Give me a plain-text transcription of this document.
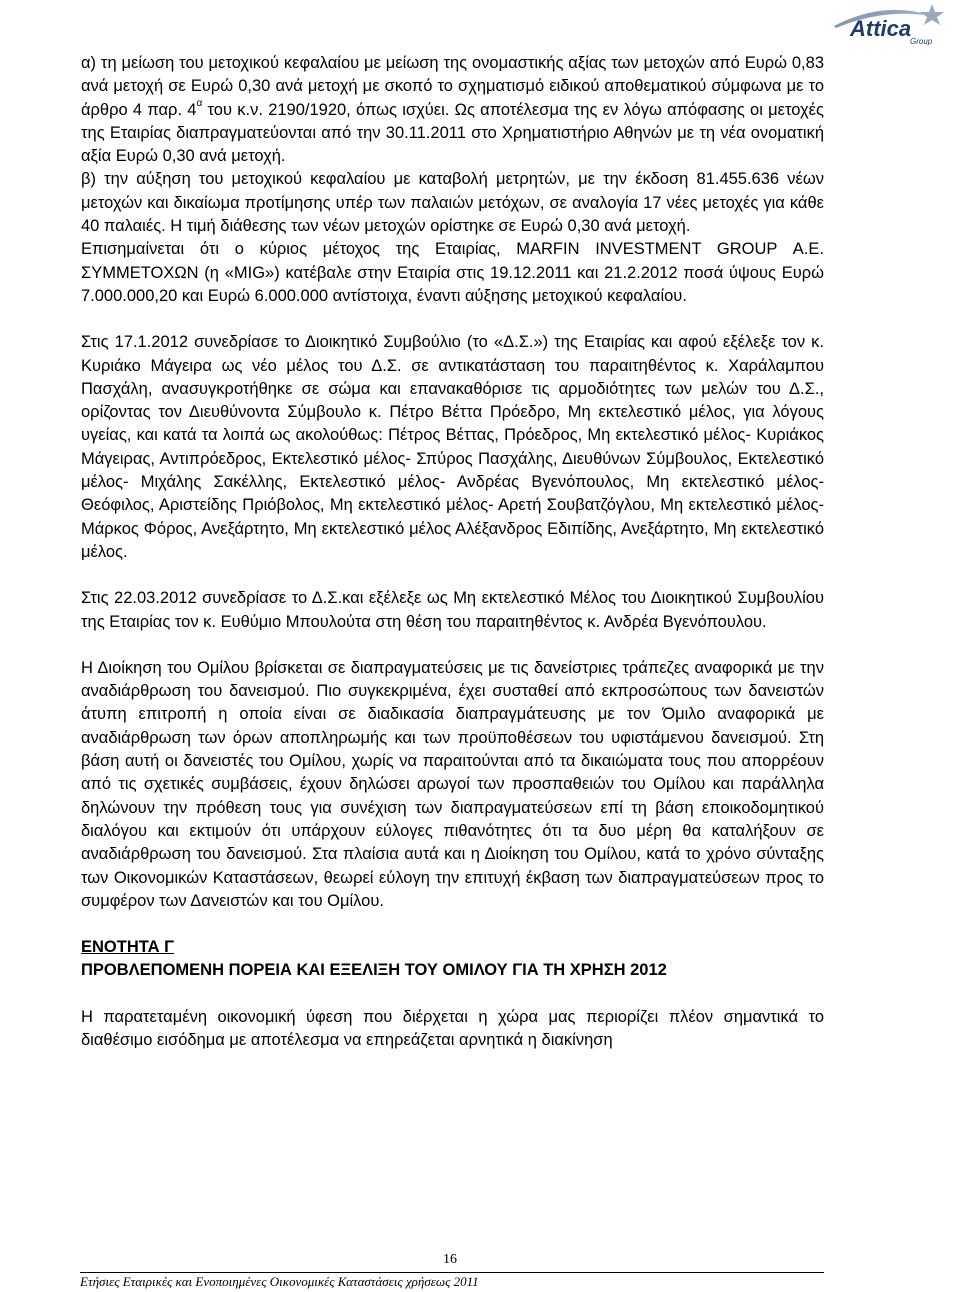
Attica
Group

α) τη μείωση του μετοχικού κεφαλαίου με μείωση της ονομαστικής αξίας των μετοχών από Ευρώ 0,83 ανά μετοχή σε Ευρώ 0,30 ανά μετοχή με σκοπό το σχηματισμό ειδικού αποθεματικού σύμφωνα με το άρθρο 4 παρ. $4^\alpha$ του κ.ν. 2190/1920, όπως ισχύει. Ως αποτέλεσμα της εν λόγω απόφασης οι μετοχές της Εταιρίας διαπραγματεύονται από την 30.11.2011 στο Χρηματιστήριο Αθηνών με τη νέα ονοματική αξία Ευρώ 0,30 ανά μετοχή.

β) την αύξηση του μετοχικού κεφαλαίου με καταβολή μετρητών, με την έκδοση 81.455.636 νέων μετοχών και δικαίωμα προτίμησης υπέρ των παλαιών μετόχων, σε αναλογία 17 νέες μετοχές για κάθε 40 παλαιές. Η τιμή διάθεσης των νέων μετοχών ορίστηκε σε Ευρώ 0,30 ανά μετοχή.

Επισημαίνεται ότι ο κύριος μέτοχος της Εταιρίας, MARFIN INVESTMENT GROUP Α.Ε. ΣΥΜΜΕΤΟΧΩΝ (η «MIG») κατέβαλε στην Εταιρία στις 19.12.2011 και 21.2.2012 ποσά ύψους Ευρώ 7.000.000,20 και Ευρώ 6.000.000 αντίστοιχα, έναντι αύξησης μετοχικού κεφαλαίου.

Στις 17.1.2012 συνεδρίασε το Διοικητικό Συμβούλιο (το «Δ.Σ.») της Εταιρίας και αφού εξέλεξε τον κ. Κυριάκο Μάγειρα ως νέο μέλος του Δ.Σ. σε αντικατάσταση του παραιτηθέντος κ. Χαράλαμπου Πασχάλη, ανασυγκροτήθηκε σε σώμα και επανακαθόρισε τις αρμοδιότητες των μελών του Δ.Σ., ορίζοντας τον Διευθύνοντα Σύμβουλο κ. Πέτρο Βέττα Πρόεδρο, Μη εκτελεστικό μέλος, για λόγους υγείας, και κατά τα λοιπά ως ακολούθως: Πέτρος Βέττας, Πρόεδρος, Μη εκτελεστικό μέλος- Κυριάκος Μάγειρας, Αντιπρόεδρος, Εκτελεστικό μέλος- Σπύρος Πασχάλης, Διευθύνων Σύμβουλος, Εκτελεστικό μέλος- Μιχάλης Σακέλλης, Εκτελεστικό μέλος- Ανδρέας Βγενόπουλος, Μη εκτελεστικό μέλος- Θεόφιλος, Αριστείδης Πριόβολος, Μη εκτελεστικό μέλος- Αρετή Σουβατζόγλου, Μη εκτελεστικό μέλος- Μάρκος Φόρος, Ανεξάρτητο, Μη εκτελεστικό μέλος Αλέξανδρος Εδιπίδης, Ανεξάρτητο, Μη εκτελεστικό μέλος.

Στις 22.03.2012 συνεδρίασε το Δ.Σ.και εξέλεξε ως Μη εκτελεστικό Μέλος του Διοικητικού Συμβουλίου της Εταιρίας τον κ. Ευθύμιο Μπουλούτα στη θέση του παραιτηθέντος κ. Ανδρέα Βγενόπουλου.

Η Διοίκηση του Ομίλου βρίσκεται σε διαπραγματεύσεις με τις δανείστριες τράπεζες αναφορικά με την αναδιάρθρωση του δανεισμού. Πιο συγκεκριμένα, έχει συσταθεί από εκπροσώπους των δανειστών άτυπη επιτροπή η οποία είναι σε διαδικασία διαπραγμάτευσης με τον Όμιλο αναφορικά με αναδιάρθρωση των όρων αποπληρωμής και των προϋποθέσεων του υφιστάμενου δανεισμού. Στη βάση αυτή οι δανειστές του Ομίλου, χωρίς να παραιτούνται από τα δικαιώματα τους που απορρέουν από τις σχετικές συμβάσεις, έχουν δηλώσει αρωγοί των προσπαθειών του Ομίλου και παράλληλα δηλώνουν την πρόθεση τους για συνέχιση των διαπραγματεύσεων επί τη βάση εποικοδομητικού διαλόγου και εκτιμούν ότι υπάρχουν εύλογες πιθανότητες ότι τα δυο μέρη θα καταλήξουν σε αναδιάρθρωση του δανεισμού. Στα πλαίσια αυτά και η Διοίκηση του Ομίλου, κατά το χρόνο σύνταξης των Οικονομικών Καταστάσεων, θεωρεί εύλογη την επιτυχή έκβαση των διαπραγματεύσεων προς το συμφέρον των Δανειστών και του Ομίλου.

ΕΝΟΤΗΤΑ Γ

ΠΡΟΒΛΕΠΟΜΕΝΗ ΠΟΡΕΙΑ ΚΑΙ ΕΞΕΛΙΞΗ ΤΟΥ ΟΜΙΛΟΥ ΓΙΑ ΤΗ ΧΡΗΣΗ 2012

Η παρατεταμένη οικονομική ύφεση που διέρχεται η χώρα μας περιορίζει πλέον σημαντικά το διαθέσιμο εισόδημα με αποτέλεσμα να επηρεάζεται αρνητικά η διακίνηση

16
Ετήσιες Εταιρικές και Ενοποιημένες Οικονομικές Καταστάσεις χρήσεως 2011
